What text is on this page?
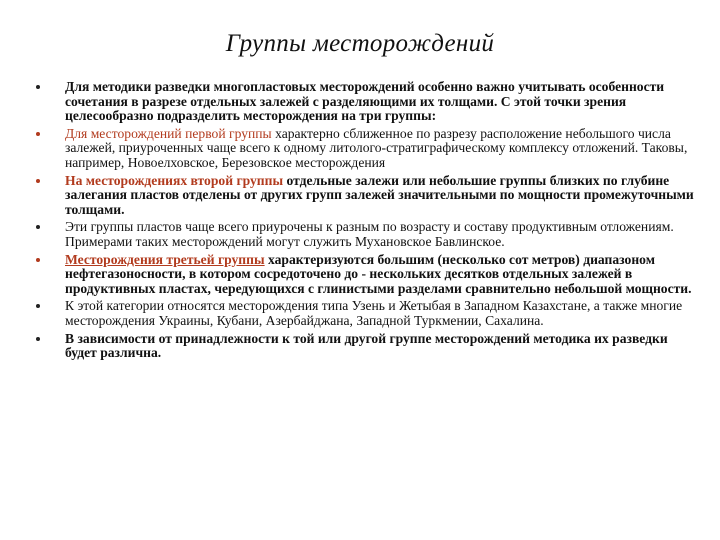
Группы месторождений
Для методики разведки многопластовых месторождений особенно важно учитывать особенности сочетания в разрезе отдельных залежей с разделяющими их толщами. С этой точки зрения целесообразно подразделить месторождения на три группы:
Для месторождений первой группы характерно сближенное по разрезу расположение небольшого числа залежей, приуроченных чаще всего к одному литолого-стратиграфическому комплексу отложений. Таковы, например, Новоелховское, Березовское месторождения
На месторождениях второй группы отдельные залежи или небольшие группы близких по глубине залегания пластов отделены от других групп залежей значительными по мощности промежуточными толщами.
Эти группы пластов чаще всего приурочены к разным по возрасту и составу продуктивным отложениям. Примерами таких месторождений могут служить Мухановское Бавлинское.
Месторождения третьей группы характеризуются большим (несколько сот метров) диапазоном нефтегазоносности, в котором сосредоточено до - нескольких десятков отдельных залежей в продуктивных пластах, чередующихся с глинистыми разделами сравнительно небольшой мощности.
К этой категории относятся месторождения типа Узень и Жетыбая в Западном Казахстане, а также многие месторождения Украины, Кубани, Азербайджана, Западной Туркмении, Сахалина.
В зависимости от принадлежности к той или другой группе месторождений методика их разведки будет различна.
